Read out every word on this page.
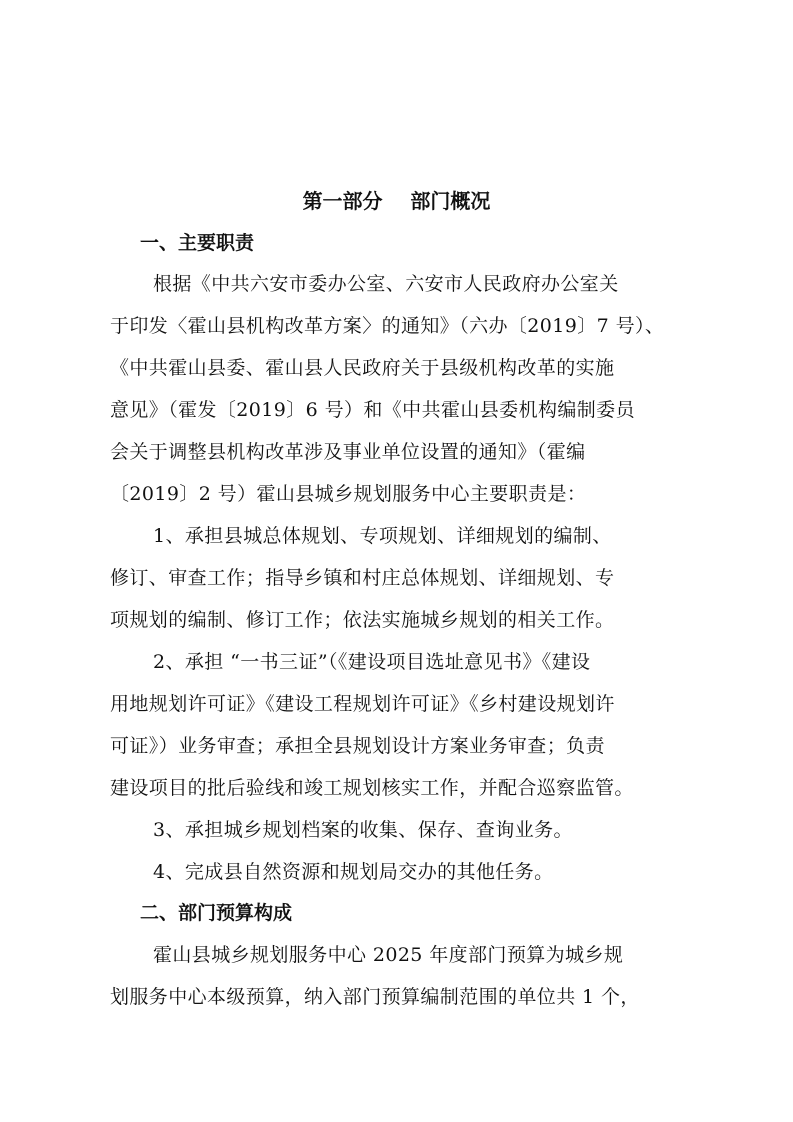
第一部分    部门概况
一、主要职责
根据《中共六安市委办公室、六安市人民政府办公室关
于印发〈霍山县机构改革方案〉的通知》（六办〔2019〕7 号）、
《中共霍山县委、霍山县人民政府关于县级机构改革的实施
意见》（霍发〔2019〕6 号）和《中共霍山县委机构编制委员
会关于调整县机构改革涉及事业单位设置的通知》（霍编
〔2019〕2 号）霍山县城乡规划服务中心主要职责是：
1、承担县城总体规划、专项规划、详细规划的编制、
修订、审查工作；指导乡镇和村庄总体规划、详细规划、专
项规划的编制、修订工作；依法实施城乡规划的相关工作。
2、承担 “一书三证”（《建设项目选址意见书》《建设
用地规划许可证》《建设工程规划许可证》《乡村建设规划许
可证》）业务审查；承担全县规划设计方案业务审查；负责
建设项目的批后验线和竣工规划核实工作，并配合巡察监管。
3、承担城乡规划档案的收集、保存、查询业务。
4、完成县自然资源和规划局交办的其他任务。
二、部门预算构成
霍山县城乡规划服务中心 2025 年度部门预算为城乡规
划服务中心本级预算，纳入部门预算编制范围的单位共 1 个，
